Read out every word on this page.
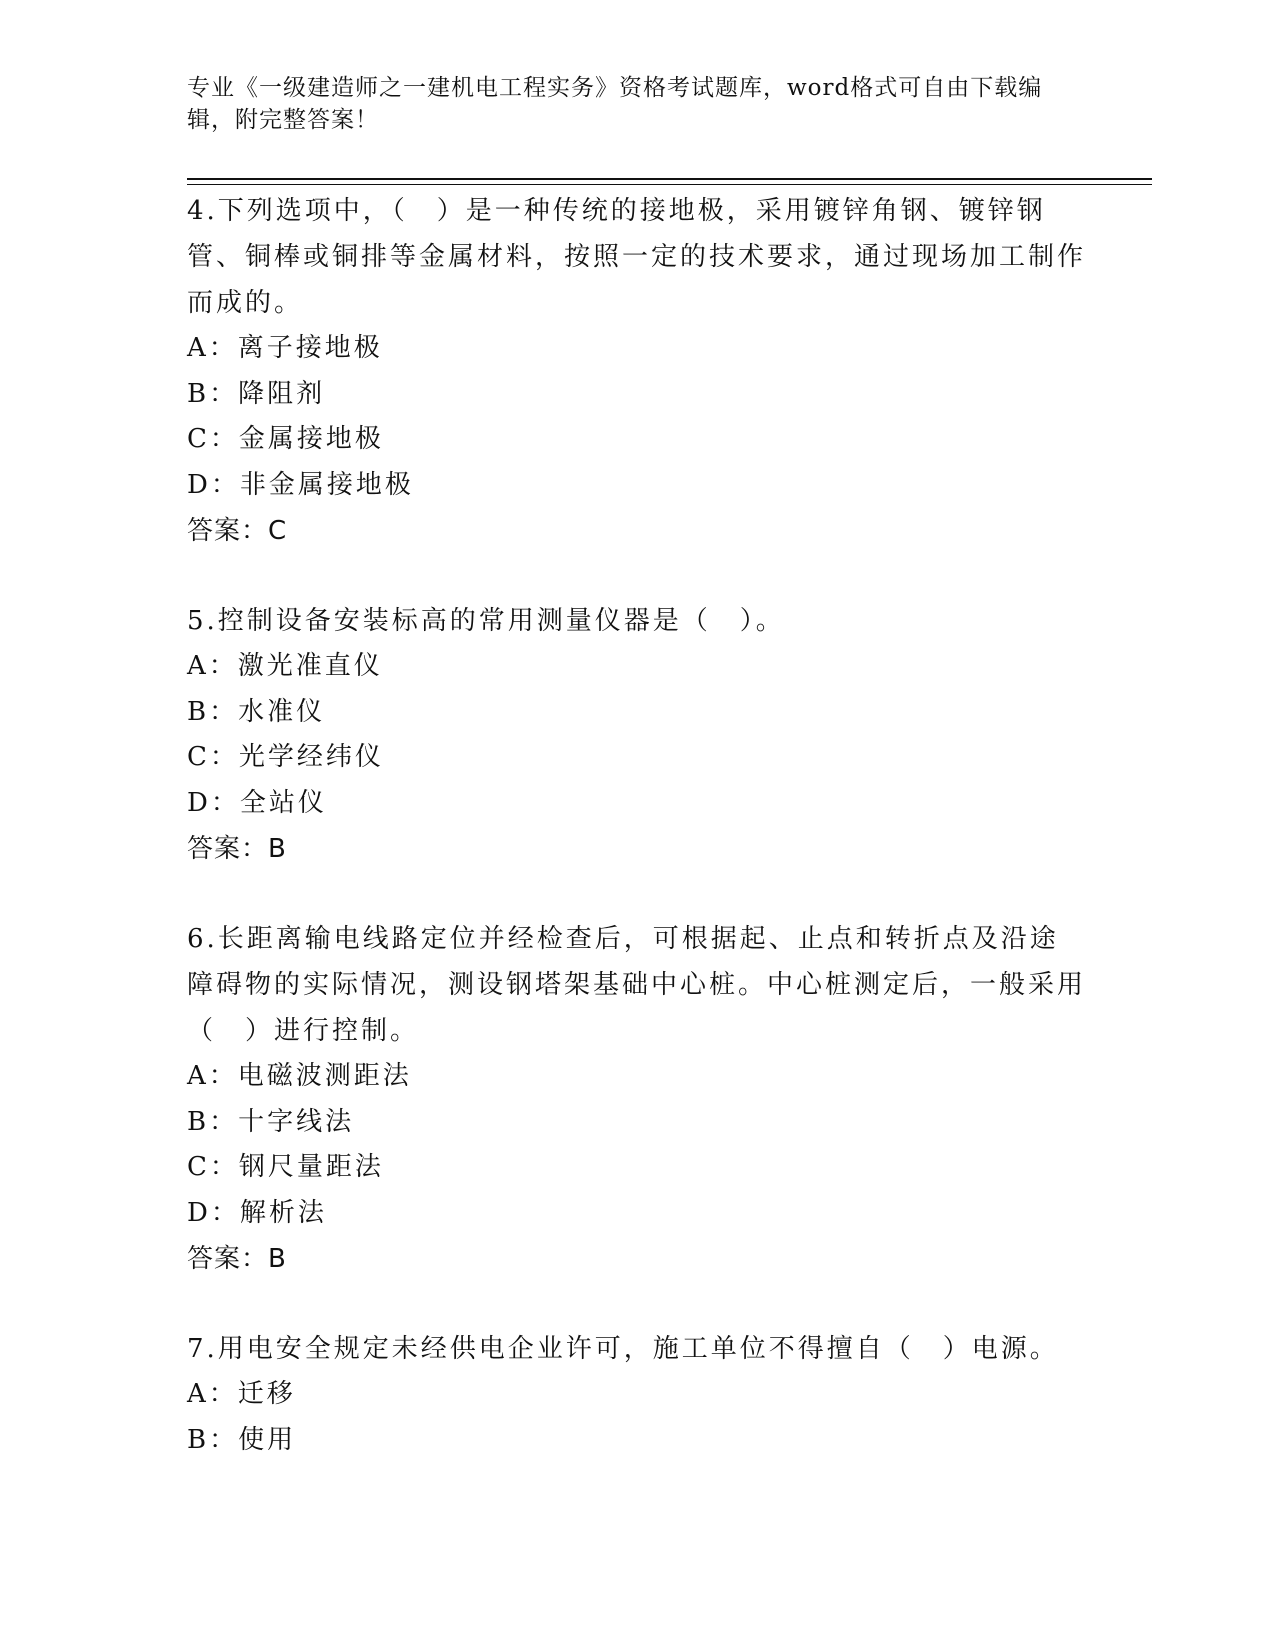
专业《一级建造师之一建机电工程实务》资格考试题库，word格式可自由下载编辑，附完整答案！

4.下列选项中，（　）是一种传统的接地极，采用镀锌角钢、镀锌钢管、铜棒或铜排等金属材料，按照一定的技术要求，通过现场加工制作而成的。

A：离子接地极

B：降阻剂

C：金属接地极

D：非金属接地极

答案：C

5.控制设备安装标高的常用测量仪器是（　）。

A：激光准直仪

B：水准仪

C：光学经纬仪

D：全站仪

答案：B

6.长距离输电线路定位并经检查后，可根据起、止点和转折点及沿途障碍物的实际情况，测设钢塔架基础中心桩。中心桩测定后，一般采用（　）进行控制。

A：电磁波测距法

B：十字线法

C：钢尺量距法

D：解析法

答案：B

7.用电安全规定未经供电企业许可，施工单位不得擅自（　）电源。

A：迁移

B：使用
